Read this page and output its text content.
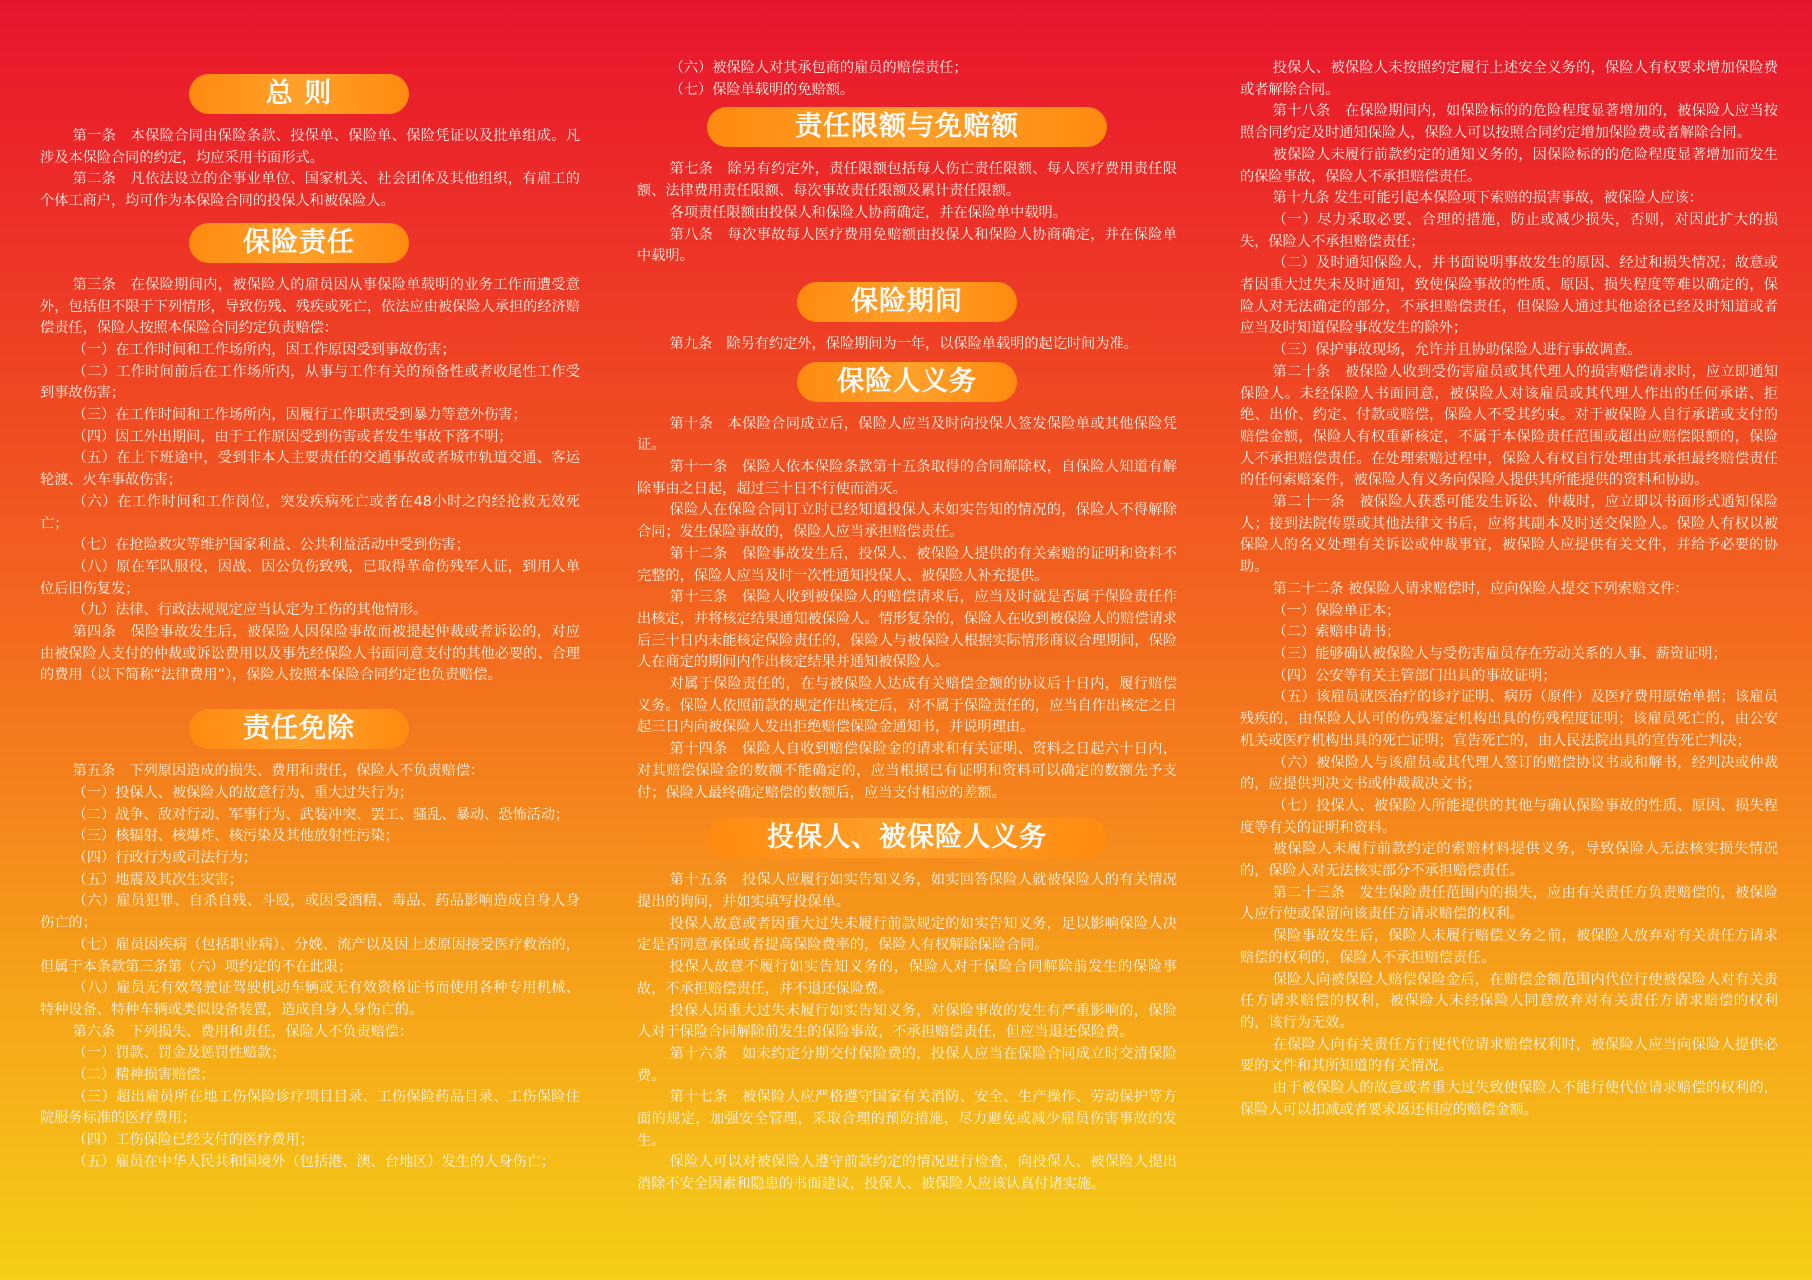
总 则

第一条　本保险合同由保险条款、投保单、保险单、保险凭证以及批单组成。凡涉及本保险合同的约定，均应采用书面形式。

第二条　凡依法设立的企事业单位、国家机关、社会团体及其他组织，有雇工的个体工商户，均可作为本保险合同的投保人和被保险人。

保险责任

第三条　在保险期间内，被保险人的雇员因从事保险单载明的业务工作而遭受意外，包括但不限于下列情形，导致伤残、残疾或死亡，依法应由被保险人承担的经济赔偿责任，保险人按照本保险合同约定负责赔偿：

（一）在工作时间和工作场所内，因工作原因受到事故伤害；

（二）工作时间前后在工作场所内，从事与工作有关的预备性或者收尾性工作受到事故伤害；

（三）在工作时间和工作场所内，因履行工作职责受到暴力等意外伤害；

（四）因工外出期间，由于工作原因受到伤害或者发生事故下落不明；

（五）在上下班途中，受到非本人主要责任的交通事故或者城市轨道交通、客运轮渡、火车事故伤害；

（六）在工作时间和工作岗位，突发疾病死亡或者在48小时之内经抢救无效死亡；

（七）在抢险救灾等维护国家利益、公共利益活动中受到伤害；

（八）原在军队服役，因战、因公负伤致残，已取得革命伤残军人证，到用人单位后旧伤复发；

（九）法律、行政法规规定应当认定为工伤的其他情形。

第四条　保险事故发生后，被保险人因保险事故而被提起仲裁或者诉讼的，对应由被保险人支付的仲裁或诉讼费用以及事先经保险人书面同意支付的其他必要的、合理的费用（以下简称“法律费用”），保险人按照本保险合同约定也负责赔偿。

责任免除

第五条　下列原因造成的损失、费用和责任，保险人不负责赔偿：

（一）投保人、被保险人的故意行为、重大过失行为；

（二）战争、敌对行动、军事行为、武装冲突、罢工、骚乱、暴动、恐怖活动；

（三）核辐射、核爆炸、核污染及其他放射性污染；

（四）行政行为或司法行为；

（五）地震及其次生灾害；

（六）雇员犯罪、自杀自残、斗殴，或因受酒精、毒品、药品影响造成自身人身伤亡的；

（七）雇员因疾病（包括职业病）、分娩、流产以及因上述原因接受医疗救治的，但属于本条款第三条第（六）项约定的不在此限；

（八）雇员无有效驾驶证驾驶机动车辆或无有效资格证书而使用各种专用机械、特种设备、特种车辆或类似设备装置，造成自身人身伤亡的。

第六条　下列损失、费用和责任，保险人不负责赔偿：

（一）罚款、罚金及惩罚性赔款；

（二）精神损害赔偿；

（三）超出雇员所在地工伤保险诊疗项目目录、工伤保险药品目录、工伤保险住院服务标准的医疗费用；

（四）工伤保险已经支付的医疗费用；

（五）雇员在中华人民共和国境外（包括港、澳、台地区）发生的人身伤亡；

（六）被保险人对其承包商的雇员的赔偿责任；

（七）保险单载明的免赔额。

责任限额与免赔额

第七条　除另有约定外，责任限额包括每人伤亡责任限额、每人医疗费用责任限额、法律费用责任限额、每次事故责任限额及累计责任限额。

各项责任限额由投保人和保险人协商确定，并在保险单中载明。

第八条　每次事故每人医疗费用免赔额由投保人和保险人协商确定，并在保险单中载明。

保险期间

第九条　除另有约定外，保险期间为一年，以保险单载明的起讫时间为准。

保险人义务

第十条　本保险合同成立后，保险人应当及时向投保人签发保险单或其他保险凭证。

第十一条　保险人依本保险条款第十五条取得的合同解除权，自保险人知道有解除事由之日起，超过三十日不行使而消灭。

保险人在保险合同订立时已经知道投保人未如实告知的情况的，保险人不得解除合同；发生保险事故的，保险人应当承担赔偿责任。

第十二条　保险事故发生后，投保人、被保险人提供的有关索赔的证明和资料不完整的，保险人应当及时一次性通知投保人、被保险人补充提供。

第十三条　保险人收到被保险人的赔偿请求后，应当及时就是否属于保险责任作出核定，并将核定结果通知被保险人。情形复杂的，保险人在收到被保险人的赔偿请求后三十日内未能核定保险责任的，保险人与被保险人根据实际情形商议合理期间，保险人在商定的期间内作出核定结果并通知被保险人。

对属于保险责任的，在与被保险人达成有关赔偿金额的协议后十日内，履行赔偿义务。保险人依照前款的规定作出核定后，对不属于保险责任的，应当自作出核定之日起三日内向被保险人发出拒绝赔偿保险金通知书，并说明理由。

第十四条　保险人自收到赔偿保险金的请求和有关证明、资料之日起六十日内，对其赔偿保险金的数额不能确定的，应当根据已有证明和资料可以确定的数额先予支付；保险人最终确定赔偿的数额后，应当支付相应的差额。

投保人、被保险人义务

第十五条　投保人应履行如实告知义务，如实回答保险人就被保险人的有关情况提出的询问，并如实填写投保单。

投保人故意或者因重大过失未履行前款规定的如实告知义务，足以影响保险人决定是否同意承保或者提高保险费率的，保险人有权解除保险合同。

投保人故意不履行如实告知义务的，保险人对于保险合同解除前发生的保险事故，不承担赔偿责任，并不退还保险费。

投保人因重大过失未履行如实告知义务，对保险事故的发生有严重影响的，保险人对于保险合同解除前发生的保险事故，不承担赔偿责任，但应当退还保险费。

第十六条　如未约定分期交付保险费的，投保人应当在保险合同成立时交清保险费。

第十七条　被保险人应严格遵守国家有关消防、安全、生产操作、劳动保护等方面的规定，加强安全管理，采取合理的预防措施，尽力避免或减少雇员伤害事故的发生。

保险人可以对被保险人遵守前款约定的情况进行检查，向投保人、被保险人提出消除不安全因素和隐患的书面建议，投保人、被保险人应该认真付诸实施。

投保人、被保险人未按照约定履行上述安全义务的，保险人有权要求增加保险费或者解除合同。

第十八条　在保险期间内，如保险标的的危险程度显著增加的，被保险人应当按照合同约定及时通知保险人，保险人可以按照合同约定增加保险费或者解除合同。

被保险人未履行前款约定的通知义务的，因保险标的的危险程度显著增加而发生的保险事故，保险人不承担赔偿责任。

第十九条 发生可能引起本保险项下索赔的损害事故，被保险人应该：

（一）尽力采取必要、合理的措施，防止或减少损失，否则，对因此扩大的损失，保险人不承担赔偿责任；

（二）及时通知保险人，并书面说明事故发生的原因、经过和损失情况；故意或者因重大过失未及时通知，致使保险事故的性质、原因、损失程度等难以确定的，保险人对无法确定的部分，不承担赔偿责任，但保险人通过其他途径已经及时知道或者应当及时知道保险事故发生的除外；

（三）保护事故现场，允许并且协助保险人进行事故调查。

第二十条　被保险人收到受伤害雇员或其代理人的损害赔偿请求时，应立即通知保险人。未经保险人书面同意，被保险人对该雇员或其代理人作出的任何承诺、拒绝、出价、约定、付款或赔偿，保险人不受其约束。对于被保险人自行承诺或支付的赔偿金额，保险人有权重新核定，不属于本保险责任范围或超出应赔偿限额的，保险人不承担赔偿责任。在处理索赔过程中，保险人有权自行处理由其承担最终赔偿责任的任何索赔案件，被保险人有义务向保险人提供其所能提供的资料和协助。

第二十一条　被保险人获悉可能发生诉讼、仲裁时，应立即以书面形式通知保险人；接到法院传票或其他法律文书后，应将其副本及时送交保险人。保险人有权以被保险人的名义处理有关诉讼或仲裁事宜，被保险人应提供有关文件，并给予必要的协助。

第二十二条 被保险人请求赔偿时，应向保险人提交下列索赔文件：

（一）保险单正本；

（二）索赔申请书；

（三）能够确认被保险人与受伤害雇员存在劳动关系的人事、薪资证明；

（四）公安等有关主管部门出具的事故证明；

（五）该雇员就医治疗的诊疗证明、病历（原件）及医疗费用原始单据；该雇员残疾的，由保险人认可的伤残鉴定机构出具的伤残程度证明；该雇员死亡的，由公安机关或医疗机构出具的死亡证明；宣告死亡的，由人民法院出具的宣告死亡判决；

（六）被保险人与该雇员或其代理人签订的赔偿协议书或和解书，经判决或仲裁的，应提供判决文书或仲裁裁决文书；

（七）投保人、被保险人所能提供的其他与确认保险事故的性质、原因、损失程度等有关的证明和资料。

被保险人未履行前款约定的索赔材料提供义务，导致保险人无法核实损失情况的，保险人对无法核实部分不承担赔偿责任。

第二十三条　发生保险责任范围内的损失，应由有关责任方负责赔偿的，被保险人应行使或保留向该责任方请求赔偿的权利。

保险事故发生后，保险人未履行赔偿义务之前，被保险人放弃对有关责任方请求赔偿的权利的，保险人不承担赔偿责任。

保险人向被保险人赔偿保险金后，在赔偿金额范围内代位行使被保险人对有关责任方请求赔偿的权利，被保险人未经保险人同意放弃对有关责任方请求赔偿的权利的，该行为无效。

在保险人向有关责任方行使代位请求赔偿权利时，被保险人应当向保险人提供必要的文件和其所知道的有关情况。

由于被保险人的故意或者重大过失致使保险人不能行使代位请求赔偿的权利的，保险人可以扣减或者要求返还相应的赔偿金额。
